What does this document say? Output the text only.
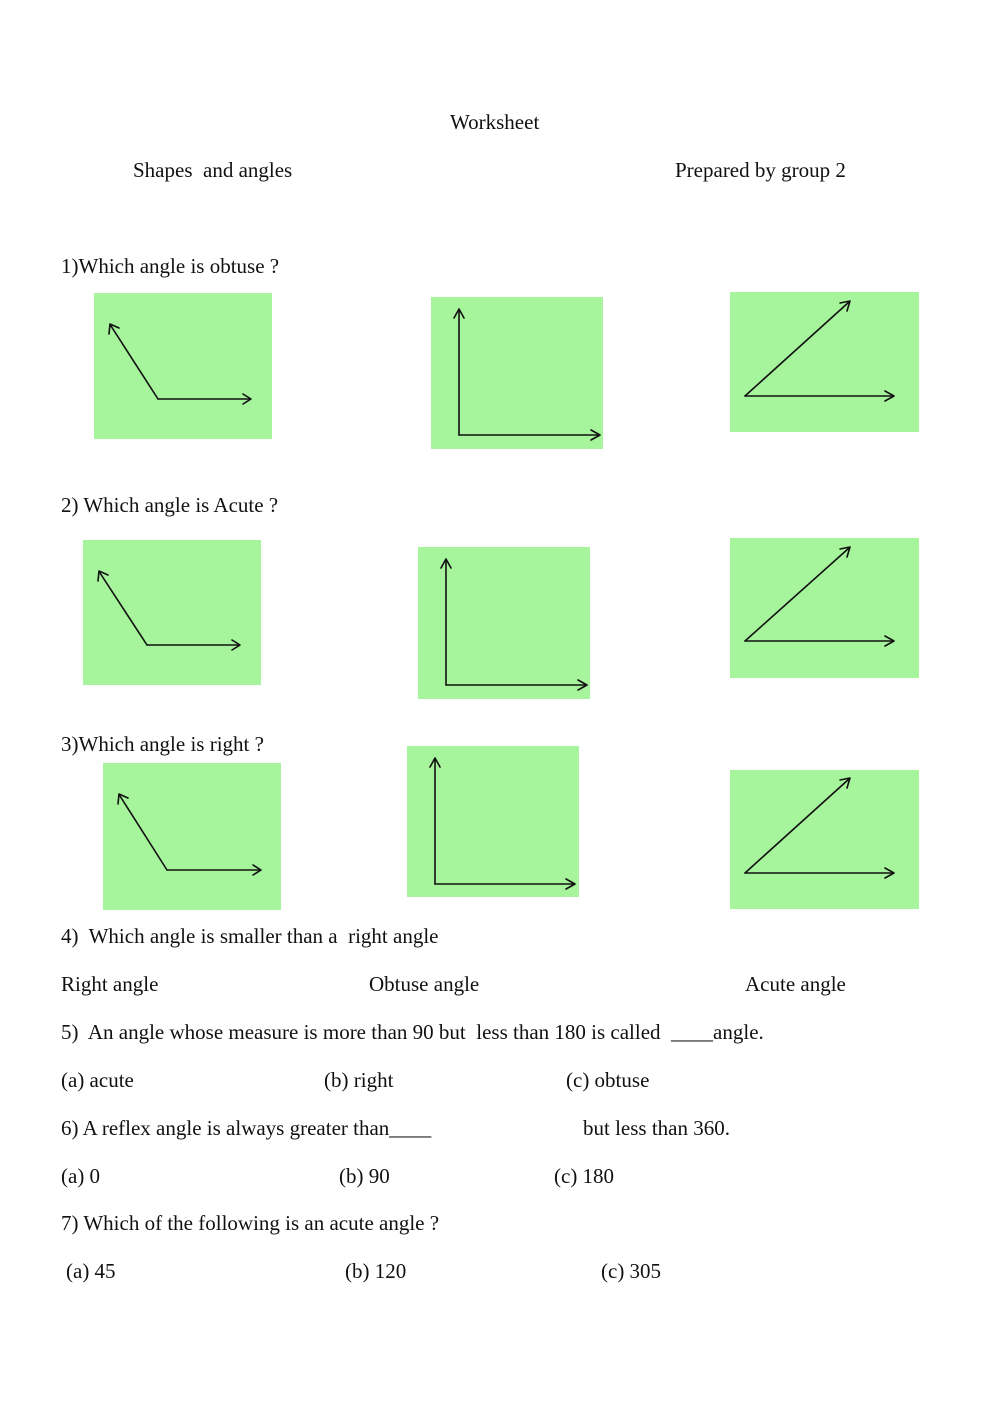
Worksheet
Shapes  and angles	Prepared by group 2
1)Which angle is obtuse ?
2) Which angle is Acute ?
3)Which angle is right ?
4)  Which angle is smaller than a  right angle
Right angle	Obtuse angle	Acute angle
5)  An angle whose measure is more than 90 but  less than 180 is called  ____angle.
(a) acute	(b) right	(c) obtuse
6) A reflex angle is always greater than____	but less than 360.
(a) 0	(b) 90	(c) 180
7) Which of the following is an acute angle ?
(a) 45	(b) 120	(c) 305
